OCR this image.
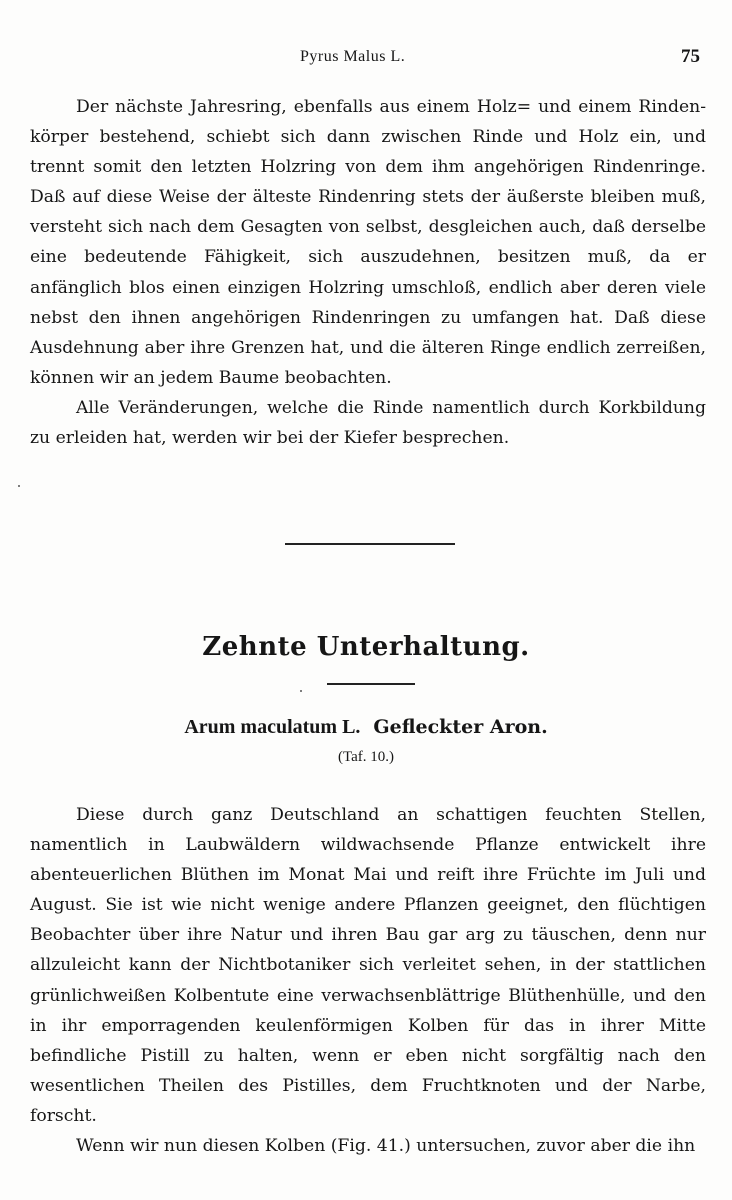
Pyrus Malus L.	75

Der nächste Jahresring, ebenfalls aus einem Holz= und einem Rindenkörper bestehend, schiebt sich dann zwischen Rinde und Holz ein, und trennt somit den letzten Holzring von dem ihm angehörigen Rindenringe. Daß auf diese Weise der älteste Rindenring stets der äußerste bleiben muß, versteht sich nach dem Gesagten von selbst, desgleichen auch, daß derselbe eine bedeutende Fähigkeit, sich auszudehnen, besitzen muß, da er anfänglich blos einen einzigen Holzring umschloß, endlich aber deren viele nebst den ihnen angehörigen Rindenringen zu umfangen hat. Daß diese Ausdehnung aber ihre Grenzen hat, und die älteren Ringe endlich zerreißen, können wir an jedem Baume beobachten.

Alle Veränderungen, welche die Rinde namentlich durch Korkbildung zu erleiden hat, werden wir bei der Kiefer besprechen.

Zehnte Unterhaltung.
Arum maculatum L. Gefleckter Aron.
(Taf. 10.)

Diese durch ganz Deutschland an schattigen feuchten Stellen, namentlich in Laubwäldern wildwachsende Pflanze entwickelt ihre abenteuerlichen Blüthen im Monat Mai und reift ihre Früchte im Juli und August. Sie ist wie nicht wenige andere Pflanzen geeignet, den flüchtigen Beobachter über ihre Natur und ihren Bau gar arg zu täuschen, denn nur allzuleicht kann der Nichtbotaniker sich verleitet sehen, in der stattlichen grünlichweißen Kolbentute eine verwachsenblättrige Blüthenhülle, und den in ihr emporragenden keulenförmigen Kolben für das in ihrer Mitte befindliche Pistill zu halten, wenn er eben nicht sorgfältig nach den wesentlichen Theilen des Pistilles, dem Fruchtknoten und der Narbe, forscht.

Wenn wir nun diesen Kolben (Fig. 41.) untersuchen, zuvor aber die ihn
